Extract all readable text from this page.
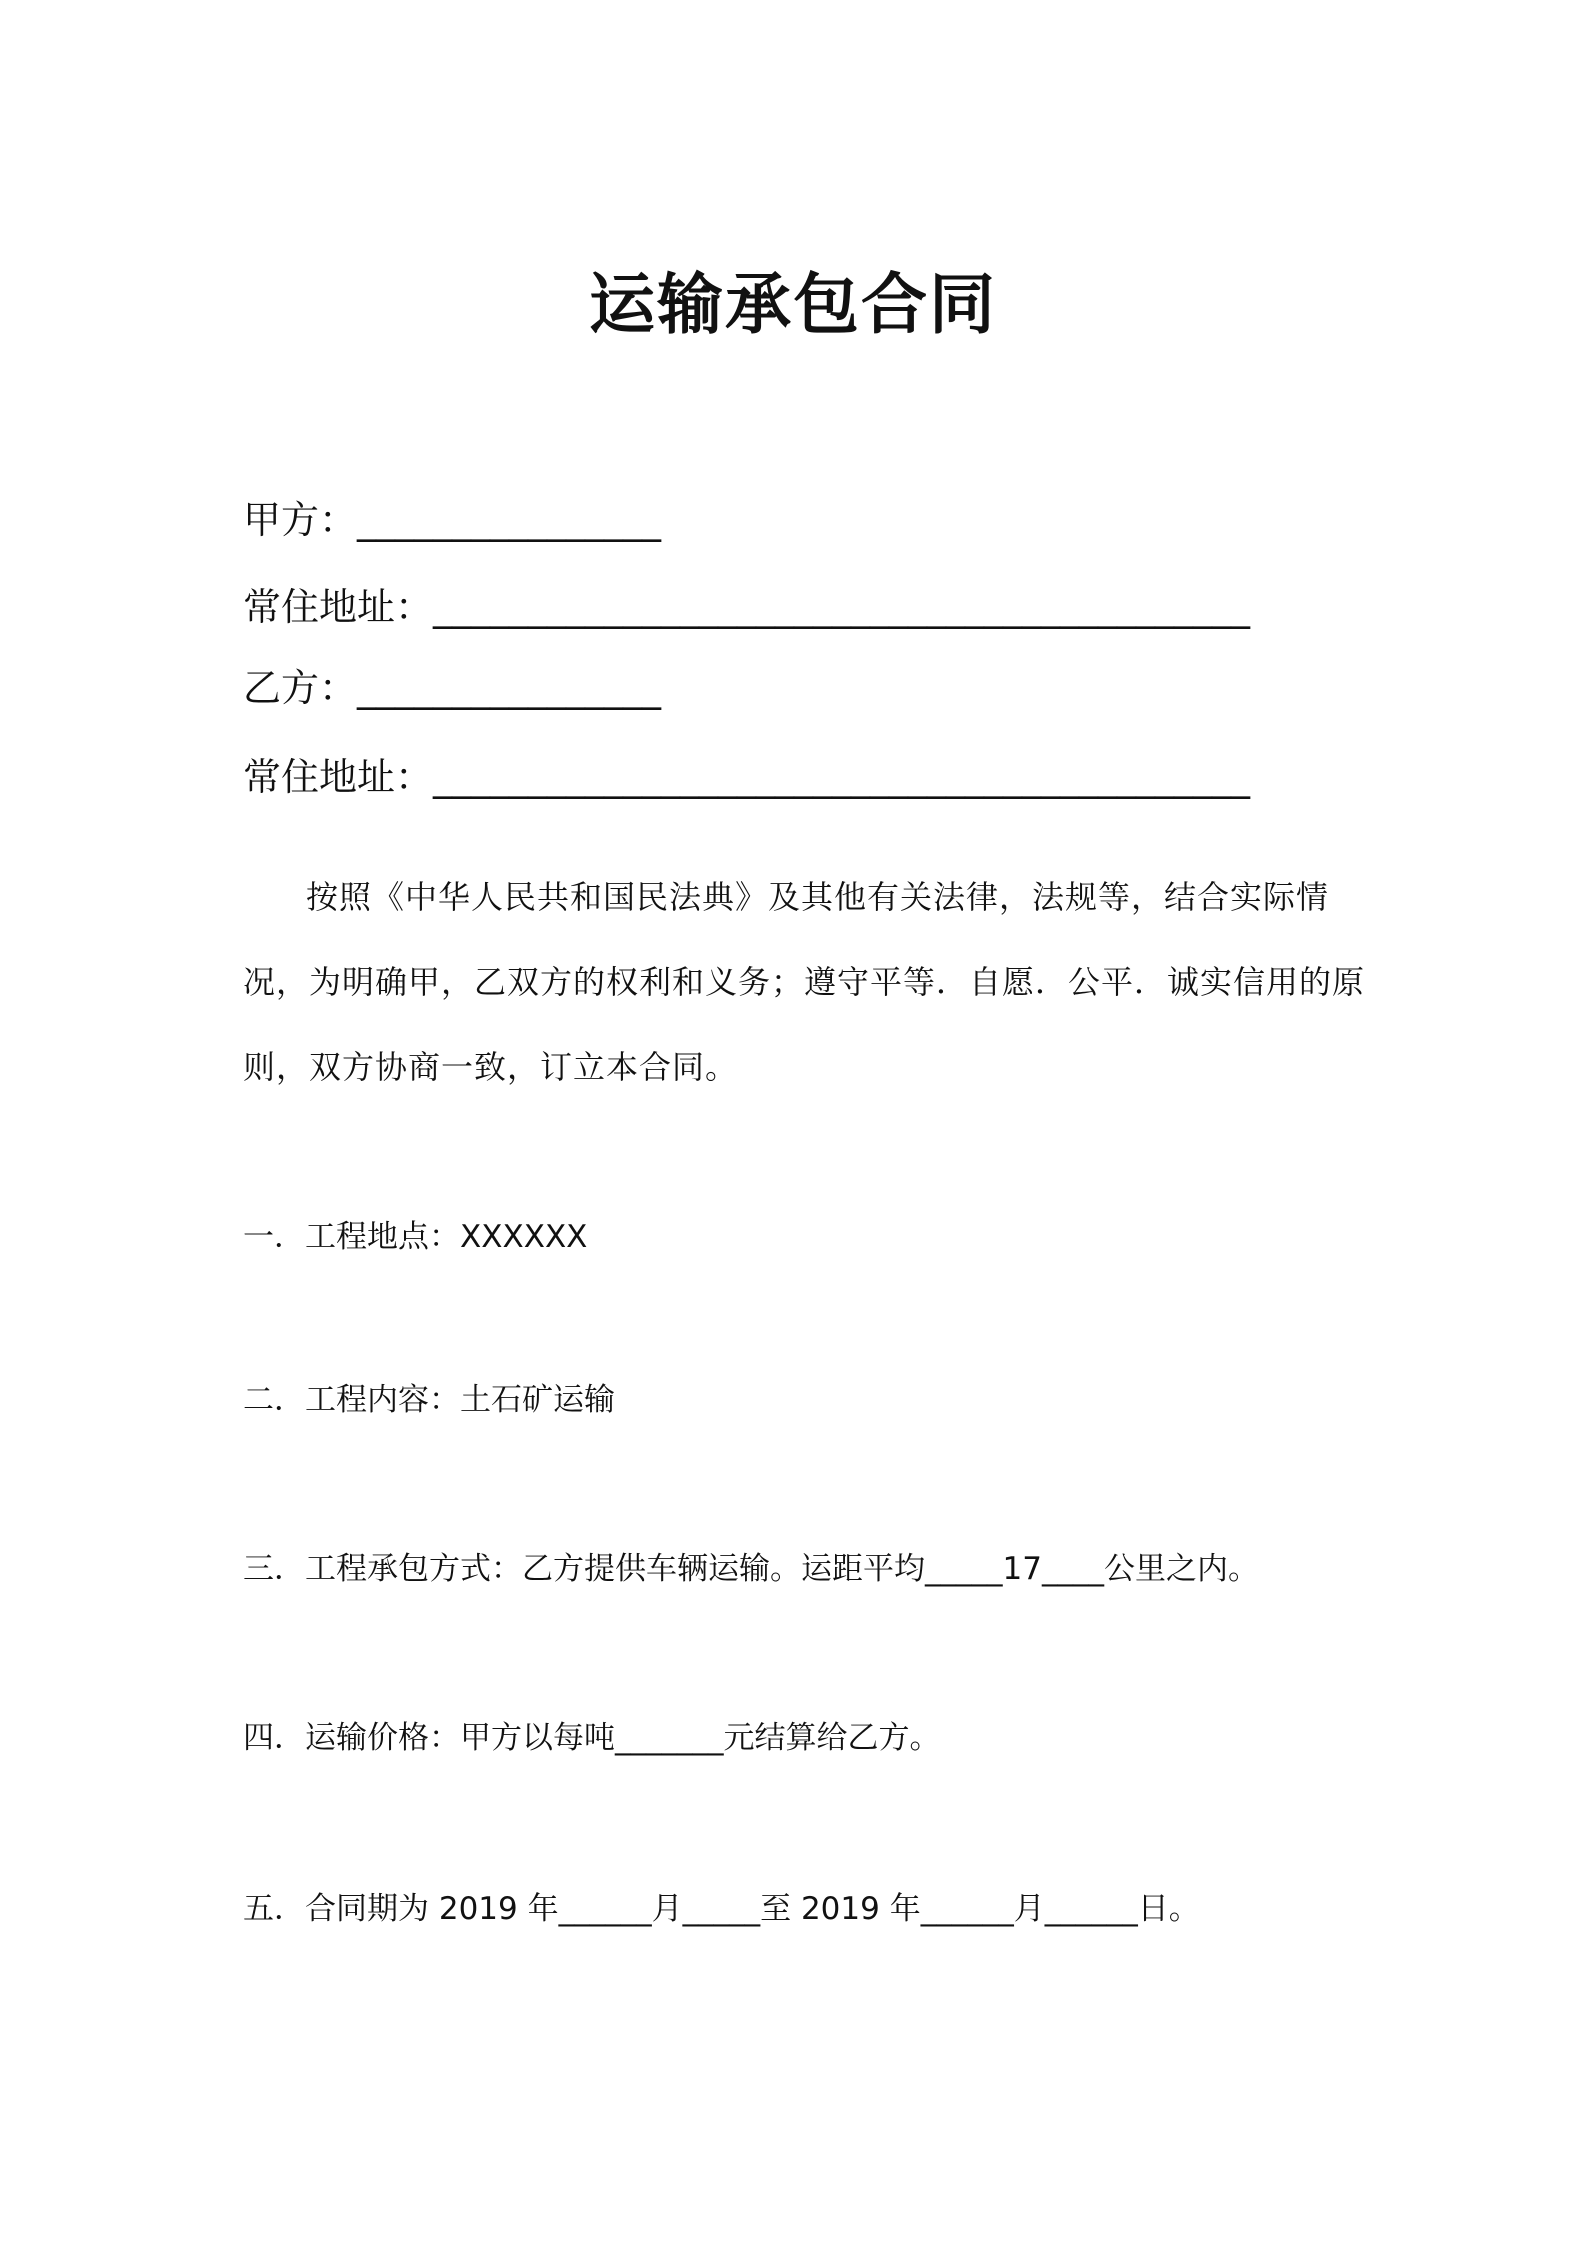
运输承包合同
甲方：________________
常住地址：___________________________________________
乙方：________________
常住地址：___________________________________________
按照《中华人民共和国民法典》及其他有关法律，法规等，结合实际情
况，为明确甲，乙双方的权利和义务；遵守平等．自愿．公平．诚实信用的原
则，双方协商一致，订立本合同。
一．工程地点：XXXXXX
二．工程内容：土石矿运输
三．工程承包方式：乙方提供车辆运输。运距平均_____17____公里之内。
四．运输价格：甲方以每吨_______元结算给乙方。
五．合同期为 2019 年______月_____至 2019 年______月______日。
